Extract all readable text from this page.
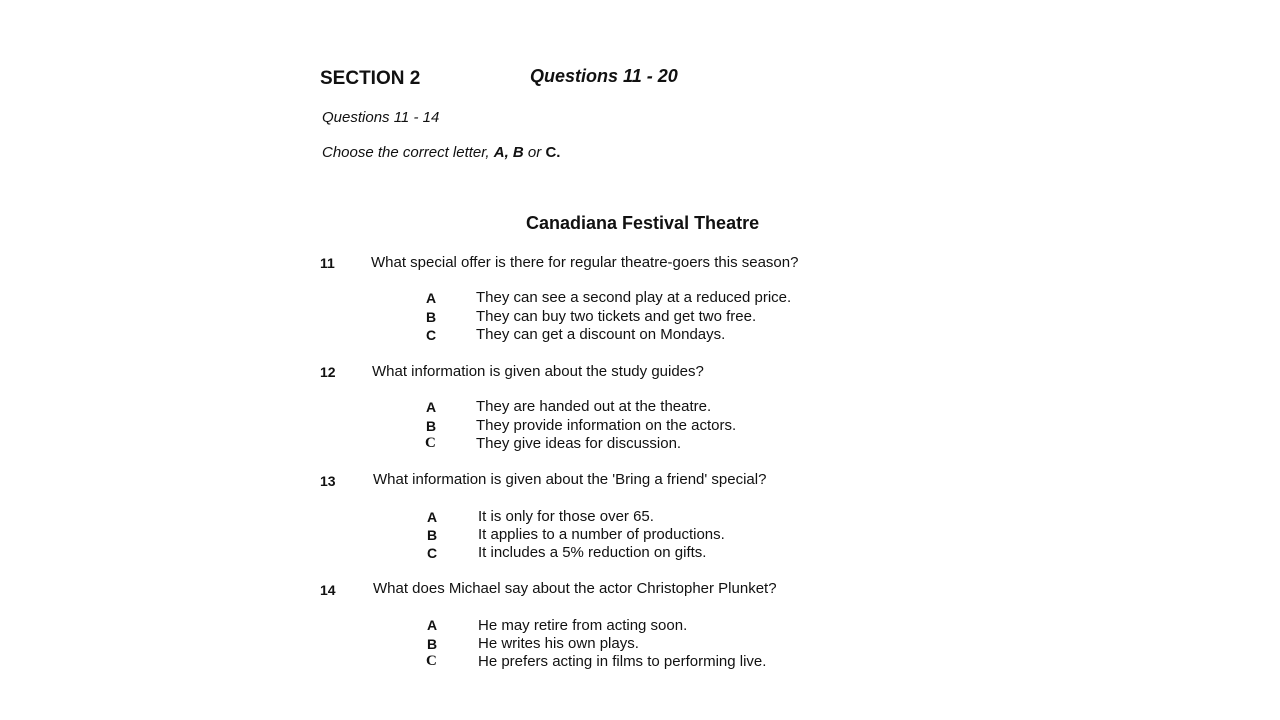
SECTION 2	Questions 11 - 20
Questions 11 - 14
Choose the correct letter, A, B or C.
Canadiana Festival Theatre
11 What special offer is there for regular theatre-goers this season?
A	They can see a second play at a reduced price.
B	They can buy two tickets and get two free.
C	They can get a discount on Mondays.
12 What information is given about the study guides?
A	They are handed out at the theatre.
B	They provide information on the actors.
C	They give ideas for discussion.
13 What information is given about the 'Bring a friend' special?
A	It is only for those over 65.
B	It applies to a number of productions.
C	It includes a 5% reduction on gifts.
14 What does Michael say about the actor Christopher Plunket?
A	He may retire from acting soon.
B	He writes his own plays.
C	He prefers acting in films to performing live.
